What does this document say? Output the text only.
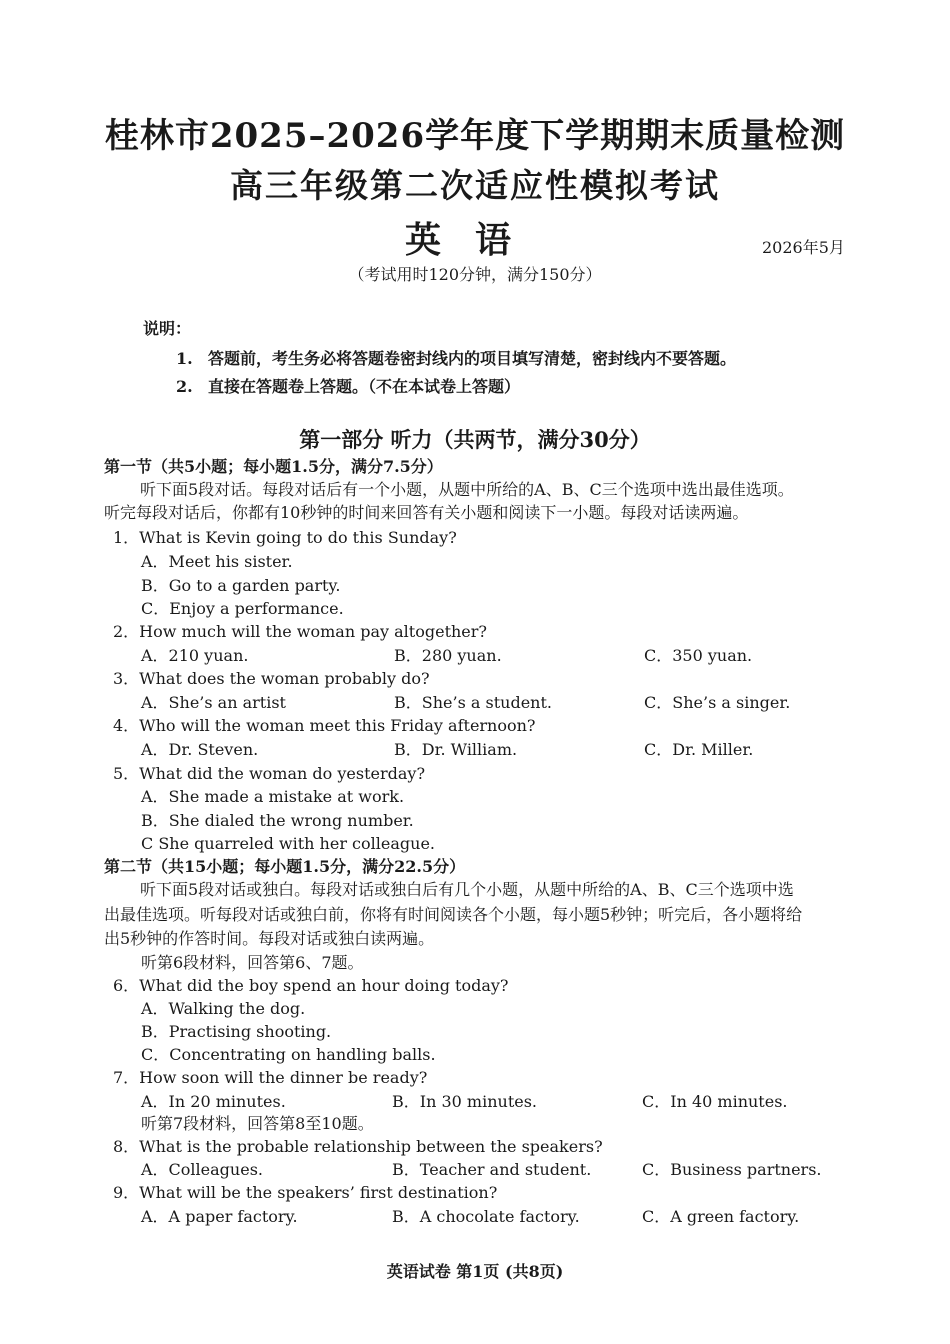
桂林市2025–2026学年度下学期期末质量检测
高三年级第二次适应性模拟考试
英语	2026年5月
（考试用时120分钟，满分150分）
说明：
1. 答题前，考生务必将答题卷密封线内的项目填写清楚，密封线内不要答题。
2. 直接在答题卷上答题。（不在本试卷上答题）
第一部分 听力（共两节，满分30分）
第一节（共5小题；每小题1.5分，满分7.5分）
听下面5段对话。每段对话后有一个小题，从题中所给的A、B、C三个选项中选出最佳选项。
听完每段对话后，你都有10秒钟的时间来回答有关小题和阅读下一小题。每段对话读两遍。
1．What is Kevin going to do this Sunday?
A．Meet his sister.
B．Go to a garden party.
C．Enjoy a performance.
2．How much will the woman pay altogether?
A．210 yuan.	B．280 yuan.	C．350 yuan.
3．What does the woman probably do?
A．She’s an artist	B．She’s a student.	C．She’s a singer.
4．Who will the woman meet this Friday afternoon?
A．Dr. Steven.	B．Dr. William.	C．Dr. Miller.
5．What did the woman do yesterday?
A．She made a mistake at work.
B．She dialed the wrong number.
C She quarreled with her colleague.
第二节（共15小题；每小题1.5分，满分22.5分）
听下面5段对话或独白。每段对话或独白后有几个小题，从题中所给的A、B、C三个选项中选
出最佳选项。听每段对话或独白前，你将有时间阅读各个小题，每小题5秒钟；听完后，各小题将给
出5秒钟的作答时间。每段对话或独白读两遍。
听第6段材料，回答第6、7题。
6．What did the boy spend an hour doing today?
A．Walking the dog.
B．Practising shooting.
C．Concentrating on handling balls.
7．How soon will the dinner be ready?
A．In 20 minutes.	B．In 30 minutes.	C．In 40 minutes.
听第7段材料，回答第8至10题。
8．What is the probable relationship between the speakers?
A．Colleagues.	B．Teacher and student.	C．Business partners.
9．What will be the speakers’ first destination?
A．A paper factory.	B．A chocolate factory.	C．A green factory.
英语试卷 第1页 (共8页)
